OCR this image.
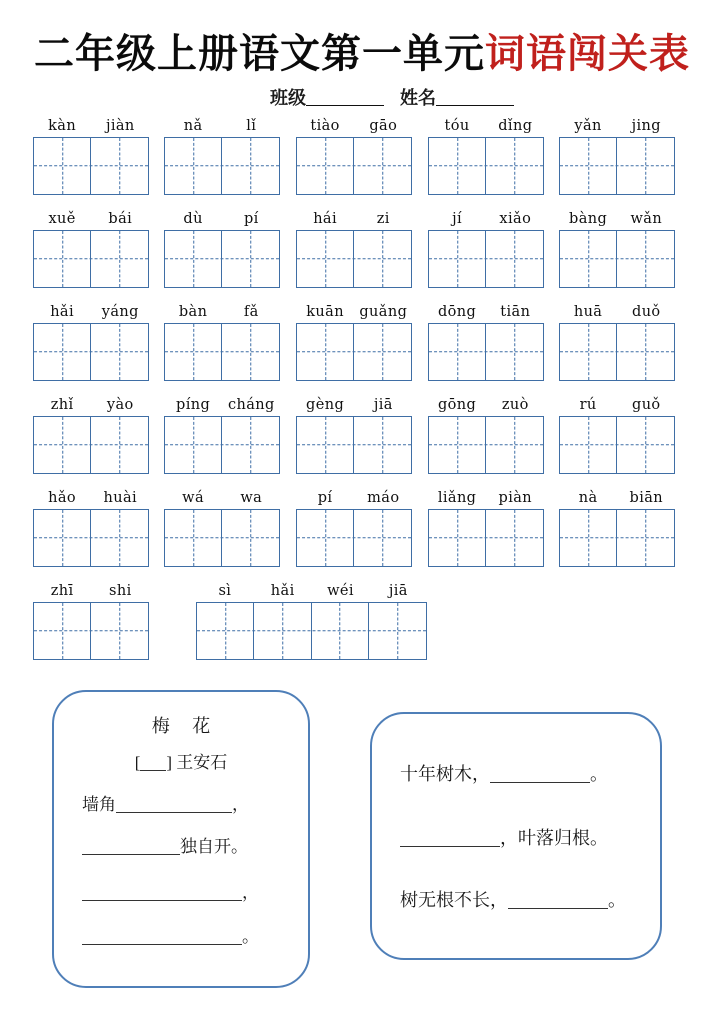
二年级上册语文第一单元词语闯关表
班级	姓名
kàn	jiàn	nǎ	lǐ	tiào	gāo	tóu	dǐng	yǎn	jing
xuě	bái	dù	pí	hái	zi	jí	xiǎo	bàng	wǎn
hǎi	yáng	bàn	fǎ	kuān	guǎng	dōng	tiān	huā	duǒ
zhǐ	yào	píng	cháng	gèng	jiā	gōng	zuò	rú	guǒ
hǎo	huài	wá	wa	pí	máo	liǎng	piàn	nà	biān
zhī	shi	sì	hǎi	wéi	jiā
梅 花
[ ] 王安石
墙角	，
独自开。
，
。
十年树木，	。
，叶落归根。
树无根不长，	。
